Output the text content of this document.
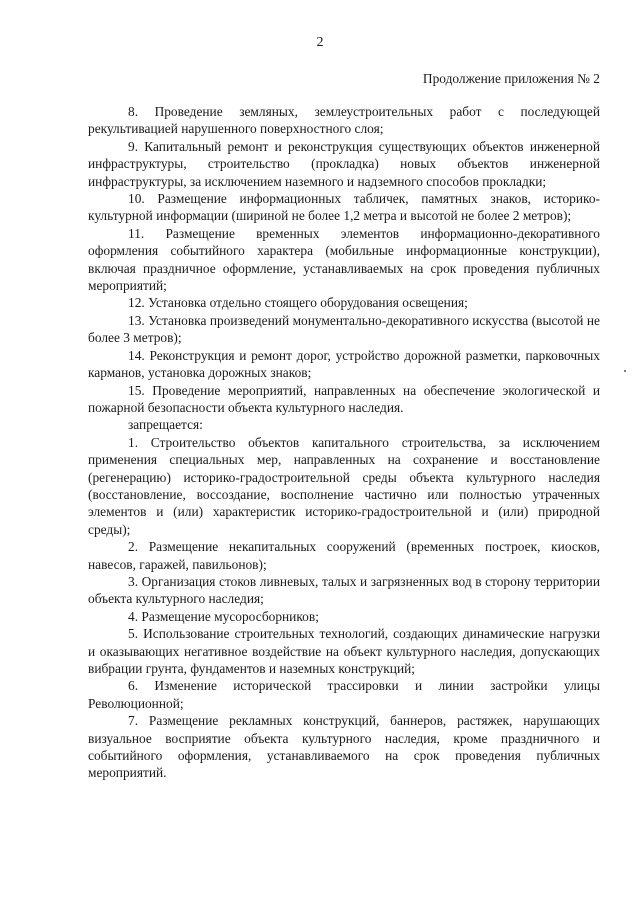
2
Продолжение приложения № 2

8. Проведение земляных, землеустроительных работ с последующей рекультивацией нарушенного поверхностного слоя;

9. Капитальный ремонт и реконструкция существующих объектов инженерной инфраструктуры, строительство (прокладка) новых объектов инженерной инфраструктуры, за исключением наземного и надземного способов прокладки;

10. Размещение информационных табличек, памятных знаков, историко-культурной информации (шириной не более 1,2 метра и высотой не более 2 метров);

11. Размещение временных элементов информационно-декоративного оформления событийного характера (мобильные информационные конструкции), включая праздничное оформление, устанавливаемых на срок проведения публичных мероприятий;

12. Установка отдельно стоящего оборудования освещения;

13. Установка произведений монументально-декоративного искусства (высотой не более 3 метров);

14. Реконструкция и ремонт дорог, устройство дорожной разметки, парковочных карманов, установка дорожных знаков;

15. Проведение мероприятий, направленных на обеспечение экологической и пожарной безопасности объекта культурного наследия.

запрещается:

1. Строительство объектов капитального строительства, за исключением применения специальных мер, направленных на сохранение и восстановление (регенерацию) историко-градостроительной среды объекта культурного наследия (восстановление, воссоздание, восполнение частично или полностью утраченных элементов и (или) характеристик историко-градостроительной и (или) природной среды);

2. Размещение некапитальных сооружений (временных построек, киосков, навесов, гаражей, павильонов);

3. Организация стоков ливневых, талых и загрязненных вод в сторону территории объекта культурного наследия;

4. Размещение мусоросборников;

5. Использование строительных технологий, создающих динамические нагрузки и оказывающих негативное воздействие на объект культурного наследия, допускающих вибрации грунта, фундаментов и наземных конструкций;

6. Изменение исторической трассировки и линии застройки улицы Революционной;

7. Размещение рекламных конструкций, баннеров, растяжек, нарушающих визуальное восприятие объекта культурного наследия, кроме праздничного и событийного оформления, устанавливаемого на срок проведения публичных мероприятий.
